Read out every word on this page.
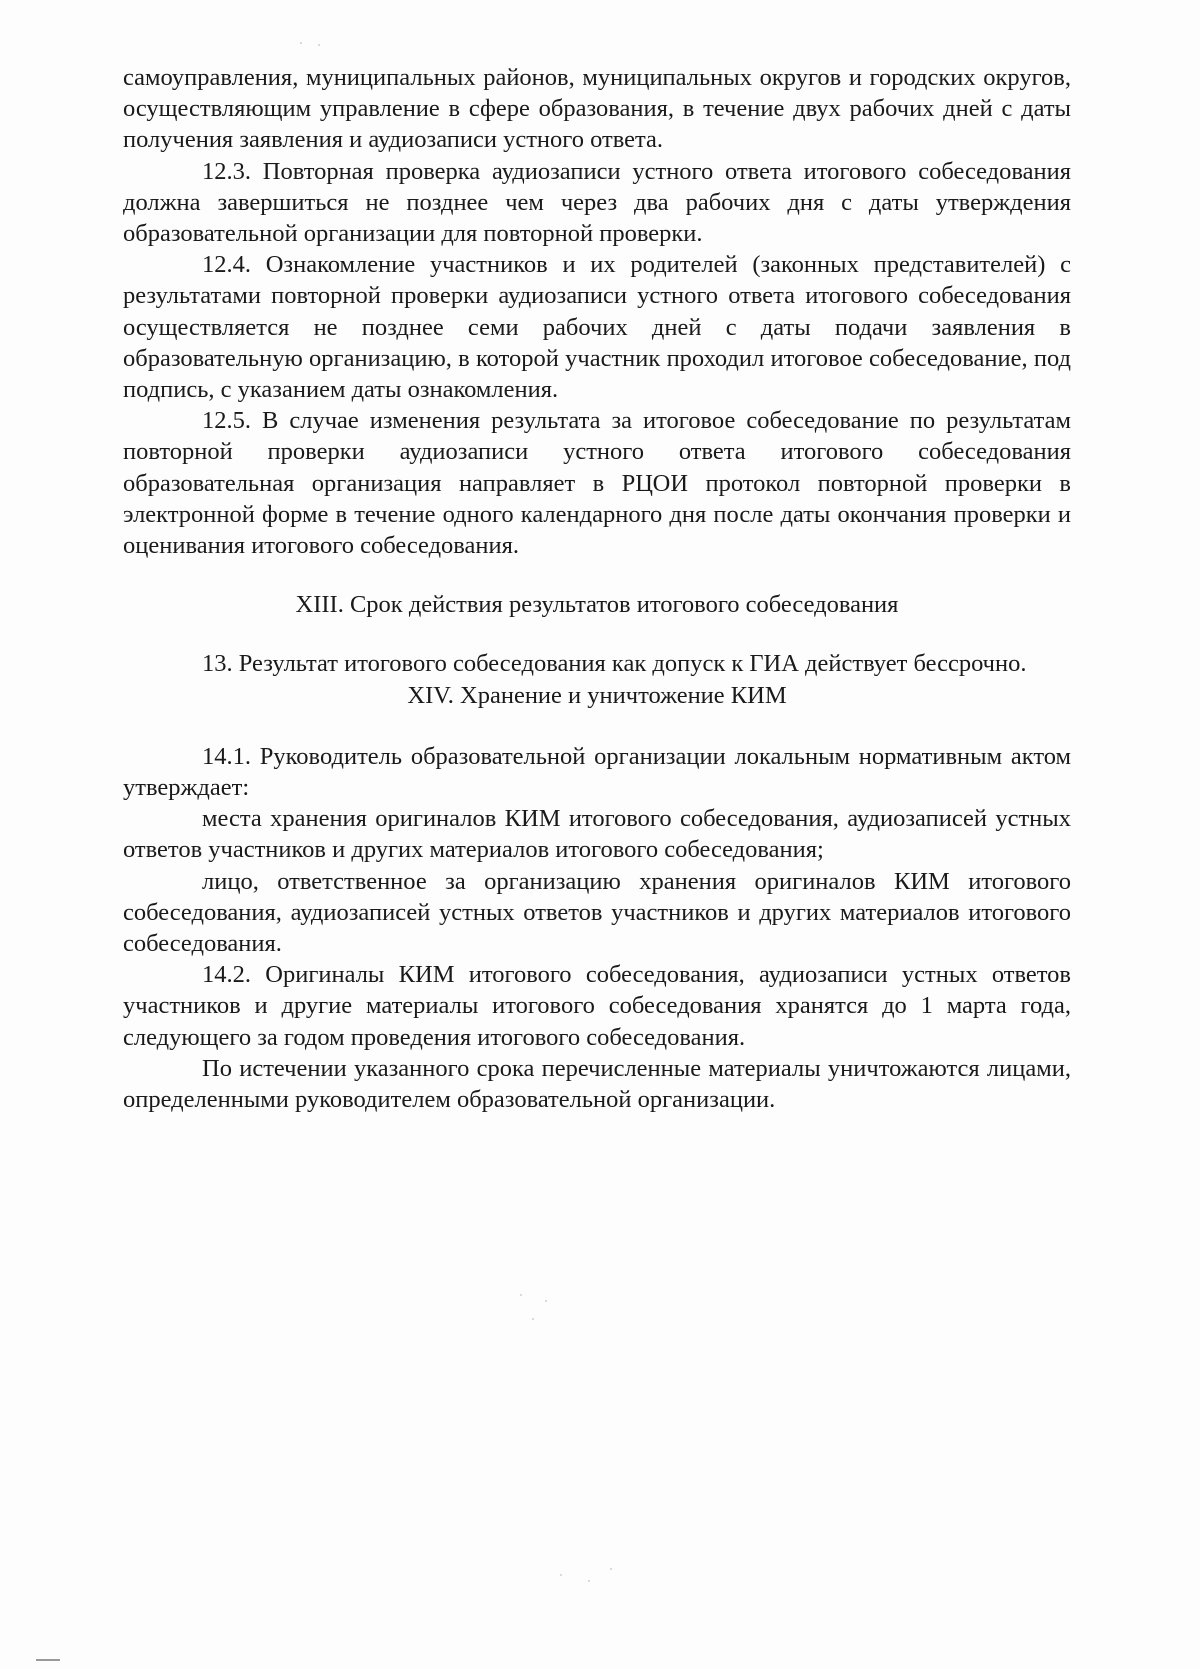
самоуправления, муниципальных районов, муниципальных округов и городских округов, осуществляющим управление в сфере образования, в течение двух рабочих дней с даты получения заявления и аудиозаписи устного ответа.

12.3. Повторная проверка аудиозаписи устного ответа итогового собеседования должна завершиться не позднее чем через два рабочих дня с даты утверждения образовательной организации для повторной проверки.

12.4. Ознакомление участников и их родителей (законных представителей) с результатами повторной проверки аудиозаписи устного ответа итогового собеседования осуществляется не позднее семи рабочих дней с даты подачи заявления в образовательную организацию, в которой участник проходил итоговое собеседование, под подпись, с указанием даты ознакомления.

12.5. В случае изменения результата за итоговое собеседование по результатам повторной проверки аудиозаписи устного ответа итогового собеседования образовательная организация направляет в РЦОИ протокол повторной проверки в электронной форме в течение одного календарного дня после даты окончания проверки и оценивания итогового собеседования.

XIII. Срок действия результатов итогового собеседования

13. Результат итогового собеседования как допуск к ГИА действует бессрочно.

XIV. Хранение и уничтожение КИМ

14.1. Руководитель образовательной организации локальным нормативным актом утверждает:

места хранения оригиналов КИМ итогового собеседования, аудиозаписей устных ответов участников и других материалов итогового собеседования;

лицо, ответственное за организацию хранения оригиналов КИМ итогового собеседования, аудиозаписей устных ответов участников и других материалов итогового собеседования.

14.2. Оригиналы КИМ итогового собеседования, аудиозаписи устных ответов участников и другие материалы итогового собеседования хранятся до 1 марта года, следующего за годом проведения итогового собеседования.

По истечении указанного срока перечисленные материалы уничтожаются лицами, определенными руководителем образовательной организации.
